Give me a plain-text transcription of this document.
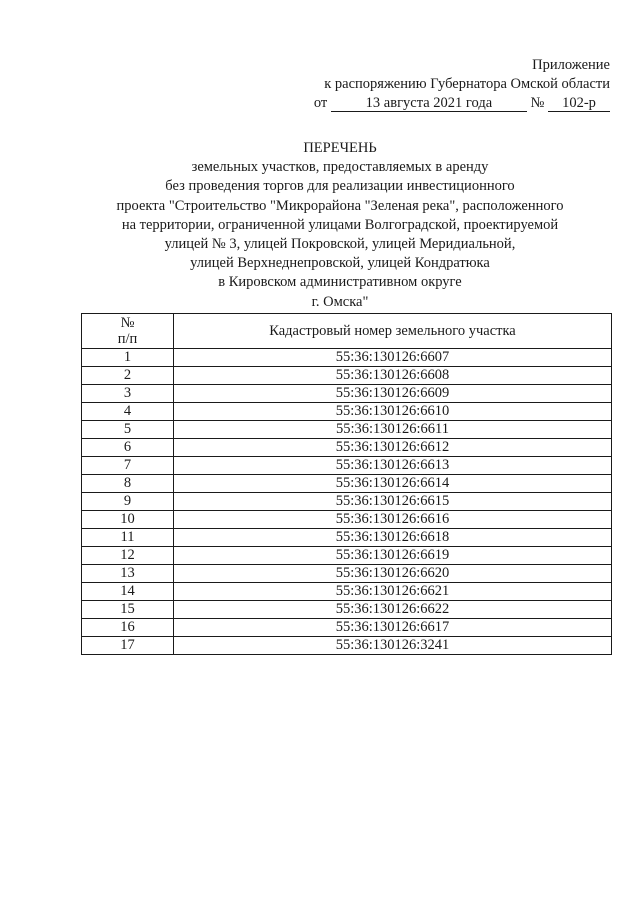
Приложение
к распоряжению Губернатора Омской области
от	13 августа 2021 года	№ 102-р
ПЕРЕЧЕНЬ
земельных участков, предоставляемых в аренду
без проведения торгов для реализации инвестиционного
проекта "Строительство "Микрорайона "Зеленая река", расположенного
на территории, ограниченной улицами Волгоградской, проектируемой
улицей № 3, улицей Покровской, улицей Меридиальной,
улицей Верхнеднепровской, улицей Кондратюка
в Кировском административном округе
г. Омска"
№
п/п	Кадастровый номер земельного участка
1	55:36:130126:6607
2	55:36:130126:6608
3	55:36:130126:6609
4	55:36:130126:6610
5	55:36:130126:6611
6	55:36:130126:6612
7	55:36:130126:6613
8	55:36:130126:6614
9	55:36:130126:6615
10	55:36:130126:6616
11	55:36:130126:6618
12	55:36:130126:6619
13	55:36:130126:6620
14	55:36:130126:6621
15	55:36:130126:6622
16	55:36:130126:6617
17	55:36:130126:3241
